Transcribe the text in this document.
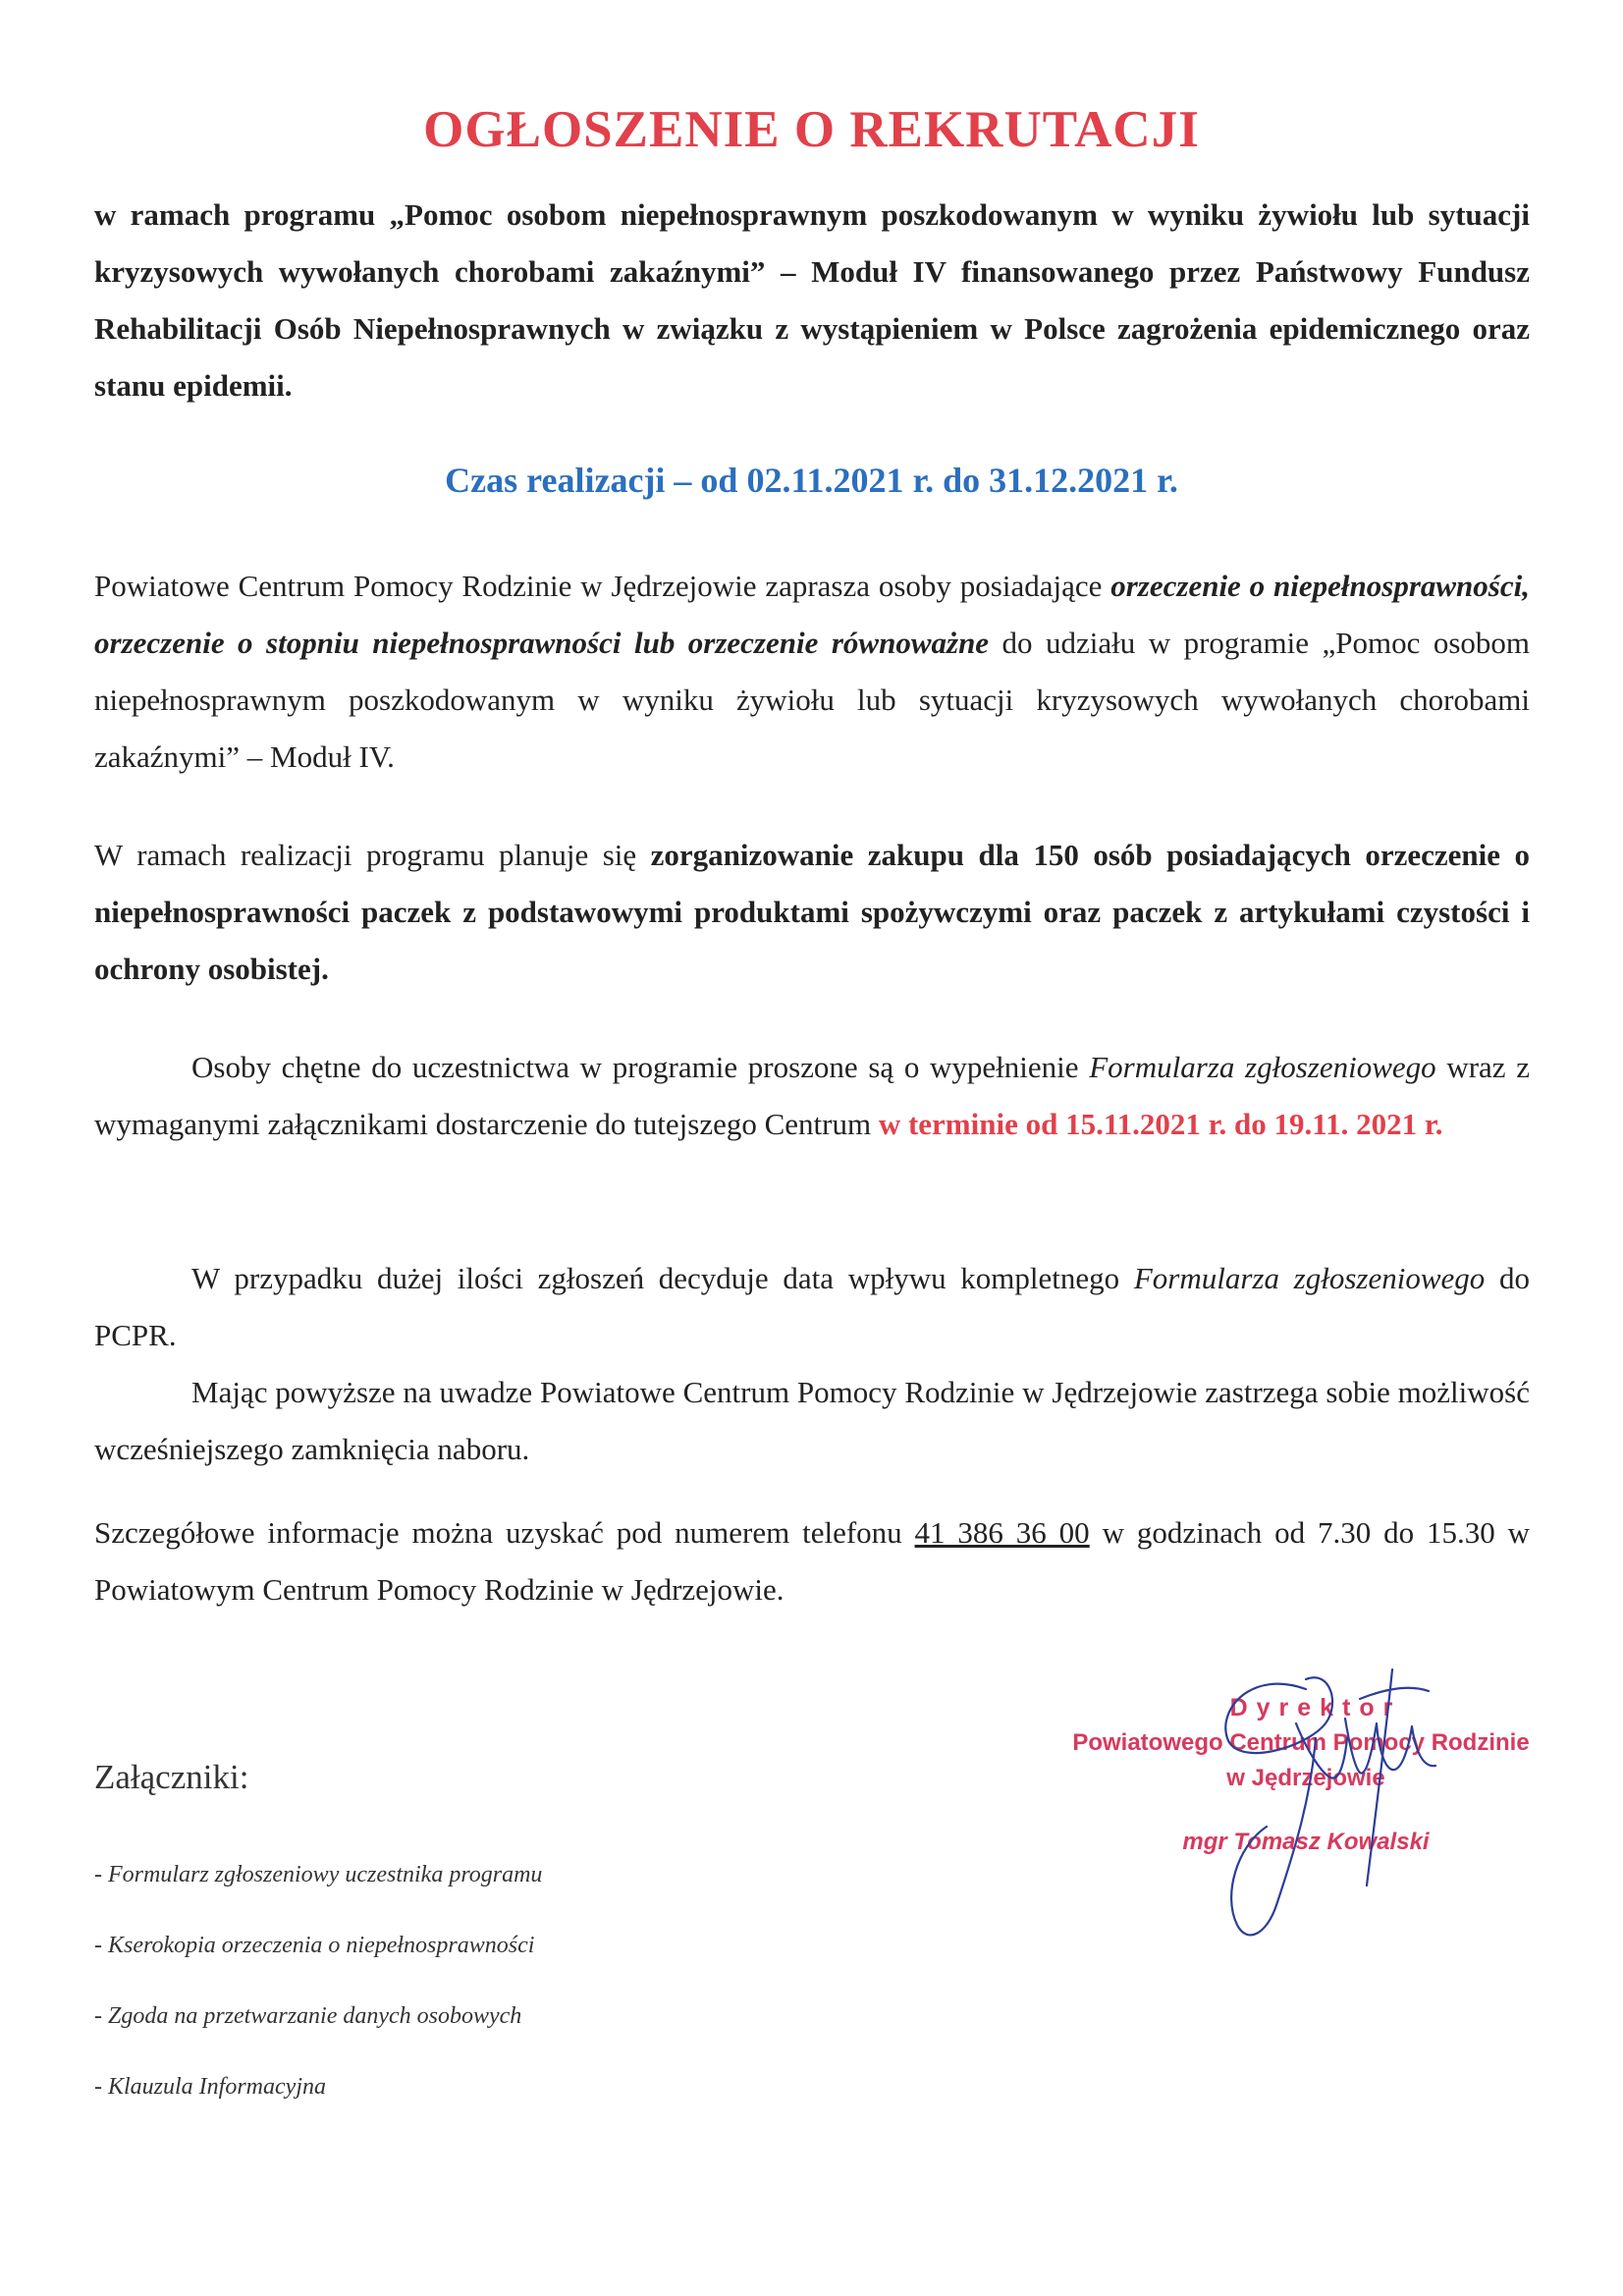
OGŁOSZENIE O REKRUTACJI
w ramach programu „Pomoc osobom niepełnosprawnym poszkodowanym w wyniku żywiołu lub sytuacji kryzysowych wywołanych chorobami zakaźnymi” – Moduł IV finansowanego przez Państwowy Fundusz Rehabilitacji Osób Niepełnosprawnych w związku z wystąpieniem w Polsce zagrożenia epidemicznego oraz stanu epidemii.
Czas realizacji – od 02.11.2021 r. do 31.12.2021 r.
Powiatowe Centrum Pomocy Rodzinie w Jędrzejowie zaprasza osoby posiadające orzeczenie o niepełnosprawności, orzeczenie o stopniu niepełnosprawności lub orzeczenie równoważne do udziału w programie „Pomoc osobom niepełnosprawnym poszkodowanym w wyniku żywiołu lub sytuacji kryzysowych wywołanych chorobami zakaźnymi” – Moduł IV.
W ramach realizacji programu planuje się zorganizowanie zakupu dla 150 osób posiadających orzeczenie o niepełnosprawności paczek z podstawowymi produktami spożywczymi oraz paczek z artykułami czystości i ochrony osobistej.
Osoby chętne do uczestnictwa w programie proszone są o wypełnienie Formularza zgłoszeniowego wraz z wymaganymi załącznikami dostarczenie do tutejszego Centrum w terminie od 15.11.2021 r. do 19.11. 2021 r.
W przypadku dużej ilości zgłoszeń decyduje data wpływu kompletnego Formularza zgłoszeniowego do PCPR.
Mając powyższe na uwadze Powiatowe Centrum Pomocy Rodzinie w Jędrzejowie zastrzega sobie możliwość wcześniejszego zamknięcia naboru.
Szczegółowe informacje można uzyskać pod numerem telefonu 41 386 36 00 w godzinach od 7.30 do 15.30 w Powiatowym Centrum Pomocy Rodzinie w Jędrzejowie.
Dyrektor
Powiatowego Centrum Pomocy Rodzinie
w Jędrzejowie
mgr Tomasz Kowalski
Załączniki:
- Formularz zgłoszeniowy uczestnika programu
- Kserokopia orzeczenia o niepełnosprawności
- Zgoda na przetwarzanie danych osobowych
- Klauzula Informacyjna
